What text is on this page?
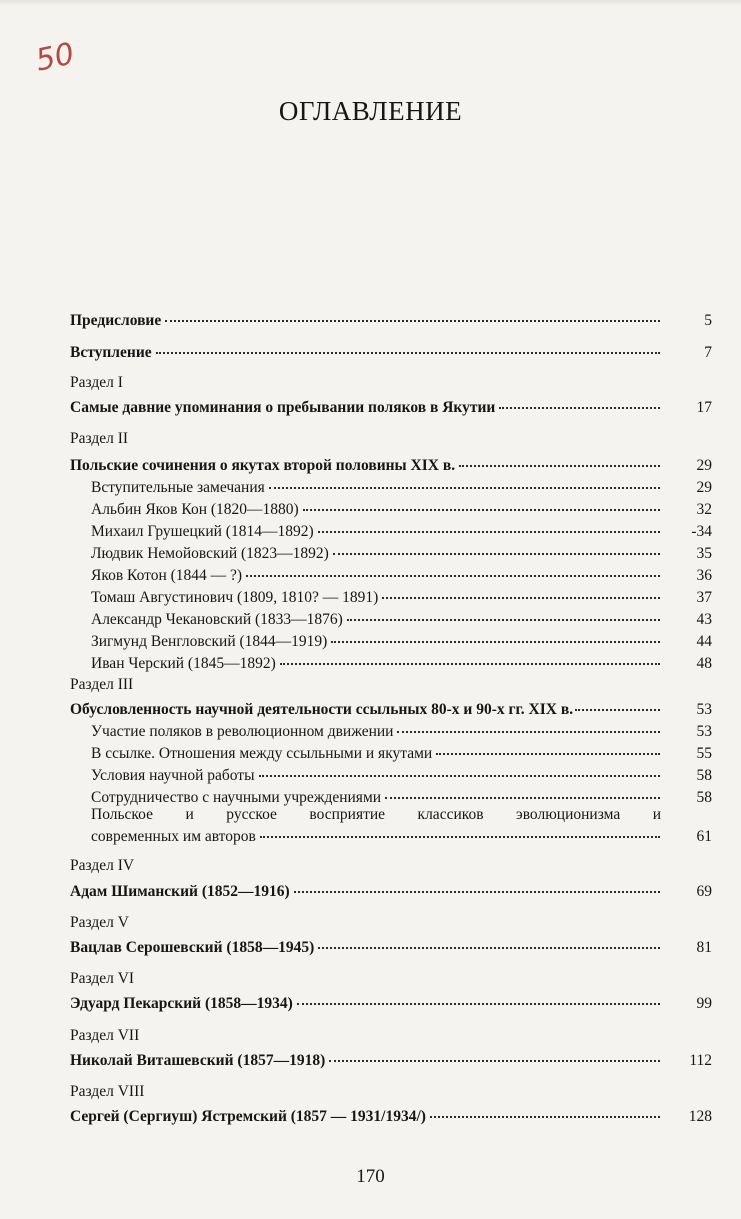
50
ОГЛАВЛЕНИЕ
Предисловие	5
Вступление	7
Раздел I
Самые давние упоминания о пребывании поляков в Якутии	17
Раздел II
Польские сочинения о якутах второй половины XIX в.	29
Вступительные замечания	29
Альбин Яков Кон (1820—1880)	32
Михаил Грушецкий (1814—1892)	-34
Людвик Немойовский (1823—1892)	35
Яков Котон (1844 — ?)	36
Томаш Августинович (1809, 1810? — 1891)	37
Александр Чекановский (1833—1876)	43
Зигмунд Венгловский (1844—1919)	44
Иван Черский (1845—1892)	48
Раздел III
Обусловленность научной деятельности ссыльных 80-х и 90-х гг. XIX в.	53
Участие поляков в революционном движении	53
В ссылке. Отношения между ссыльными и якутами	55
Условия научной работы	58
Сотрудничество с научными учреждениями	58
Польское и русское восприятие классиков эволюционизма и
современных им авторов	61
Раздел IV
Адам Шиманский (1852—1916)	69
Раздел V
Вацлав Серошевский (1858—1945)	81
Раздел VI
Эдуард Пекарский (1858—1934)	99
Раздел VII
Николай Виташевский (1857—1918)	112
Раздел VIII
Сергей (Сергиуш) Ястремский (1857 — 1931/1934/)	128
170
